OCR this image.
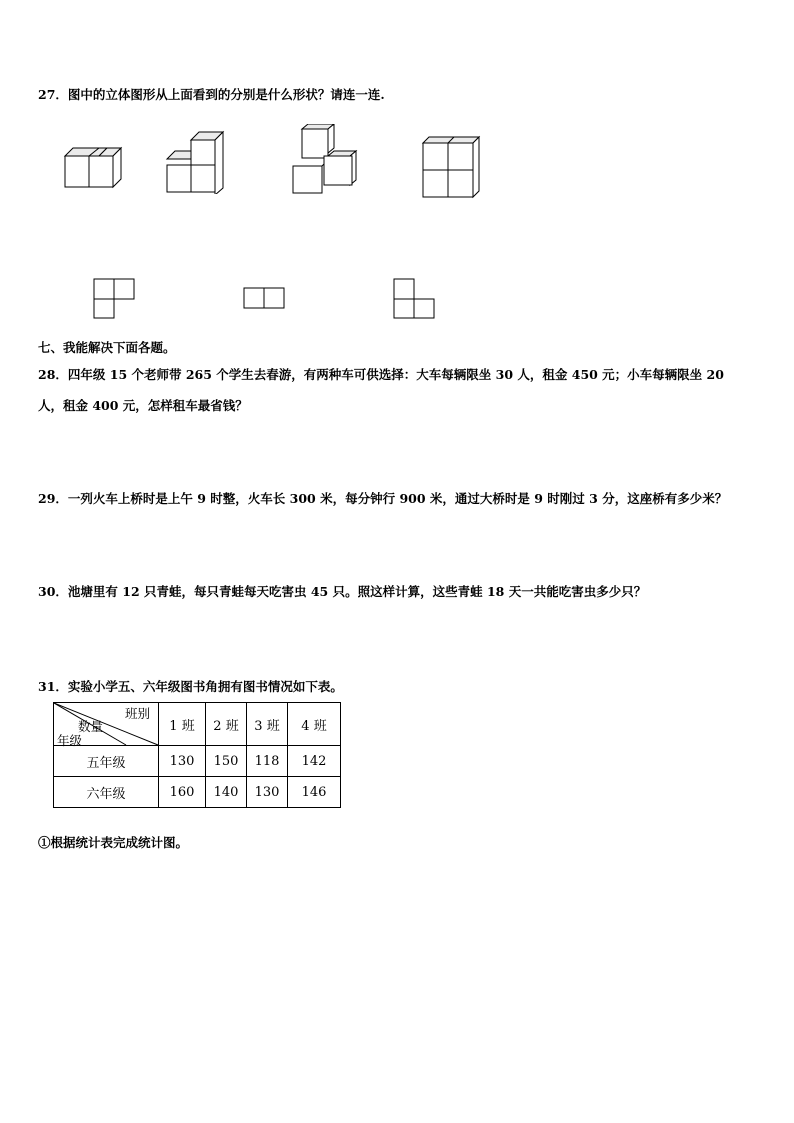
27．图中的立体图形从上面看到的分别是什么形状？请连一连.
七、我能解决下面各题。
28．四年级 15 个老师带 265 个学生去春游，有两种车可供选择：大车每辆限坐 30 人，租金 450 元；小车每辆限坐 20
人，租金 400 元，怎样租车最省钱？
29．一列火车上桥时是上午 9 时整，火车长 300 米，每分钟行 900 米，通过大桥时是 9 时刚过 3 分，这座桥有多少米？
30．池塘里有 12 只青蛙，每只青蛙每天吃害虫 45 只。照这样计算，这些青蛙 18 天一共能吃害虫多少只？
31．实验小学五、六年级图书角拥有图书情况如下表。
班别
数量
年级	1 班	2 班	3 班	4 班
五年级	130	150	118	142
六年级	160	140	130	146
①根据统计表完成统计图。
